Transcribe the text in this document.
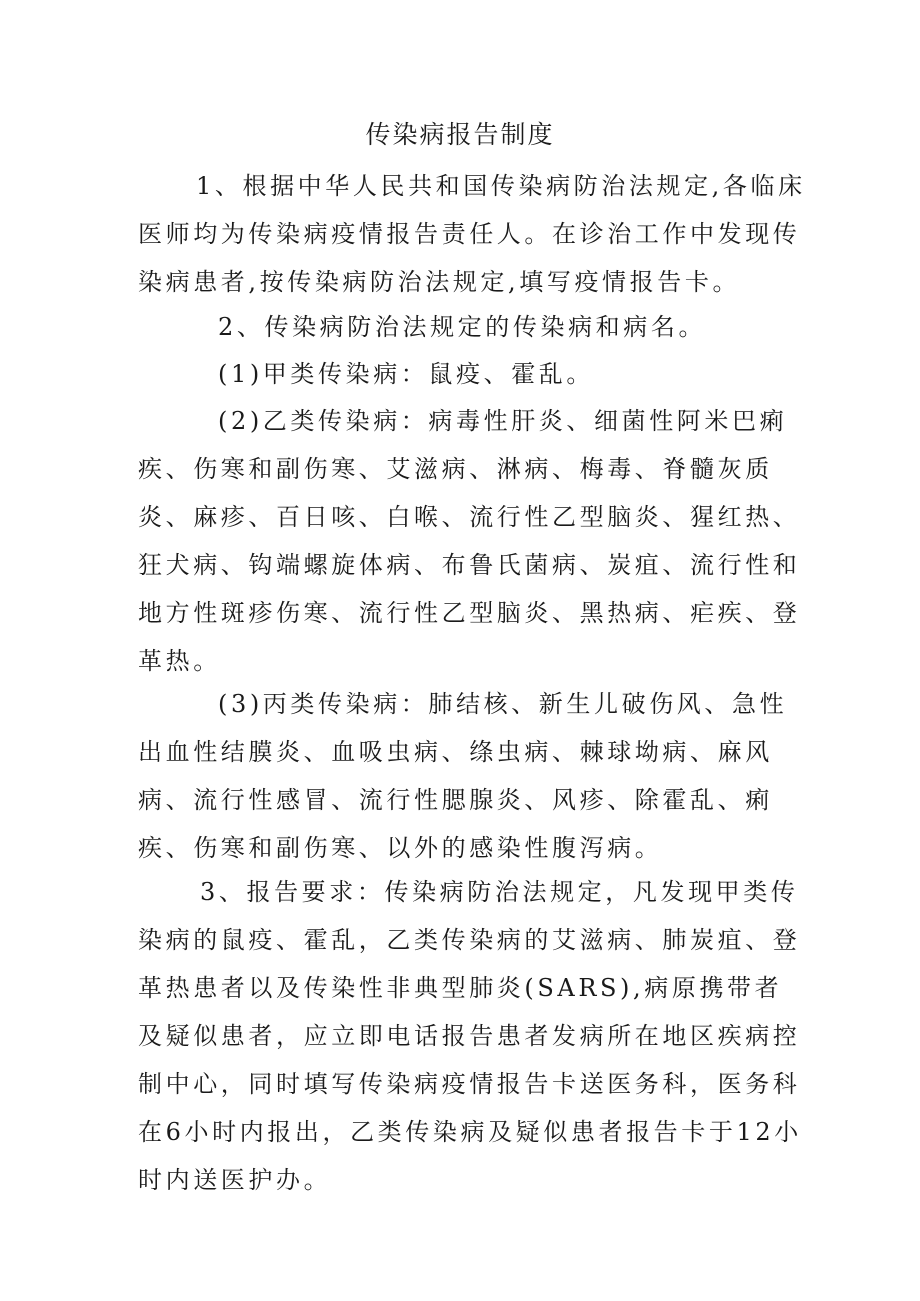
传染病报告制度
1、根据中华人民共和国传染病防治法规定,各临床医师均为传染病疫情报告责任人。在诊治工作中发现传染病患者,按传染病防治法规定,填写疫情报告卡。
2、传染病防治法规定的传染病和病名。
(1)甲类传染病：鼠疫、霍乱。
(2)乙类传染病：病毒性肝炎、细菌性阿米巴痢疾、伤寒和副伤寒、艾滋病、淋病、梅毒、脊髓灰质炎、麻疹、百日咳、白喉、流行性乙型脑炎、猩红热、狂犬病、钩端螺旋体病、布鲁氏菌病、炭疽、流行性和地方性斑疹伤寒、流行性乙型脑炎、黑热病、疟疾、登革热。
(3)丙类传染病：肺结核、新生儿破伤风、急性出血性结膜炎、血吸虫病、绦虫病、棘球坳病、麻风病、流行性感冒、流行性腮腺炎、风疹、除霍乱、痢疾、伤寒和副伤寒、以外的感染性腹泻病。
3、报告要求：传染病防治法规定，凡发现甲类传染病的鼠疫、霍乱，乙类传染病的艾滋病、肺炭疽、登革热患者以及传染性非典型肺炎(SARS),病原携带者及疑似患者，应立即电话报告患者发病所在地区疾病控制中心，同时填写传染病疫情报告卡送医务科，医务科在6小时内报出，乙类传染病及疑似患者报告卡于12小时内送医护办。
